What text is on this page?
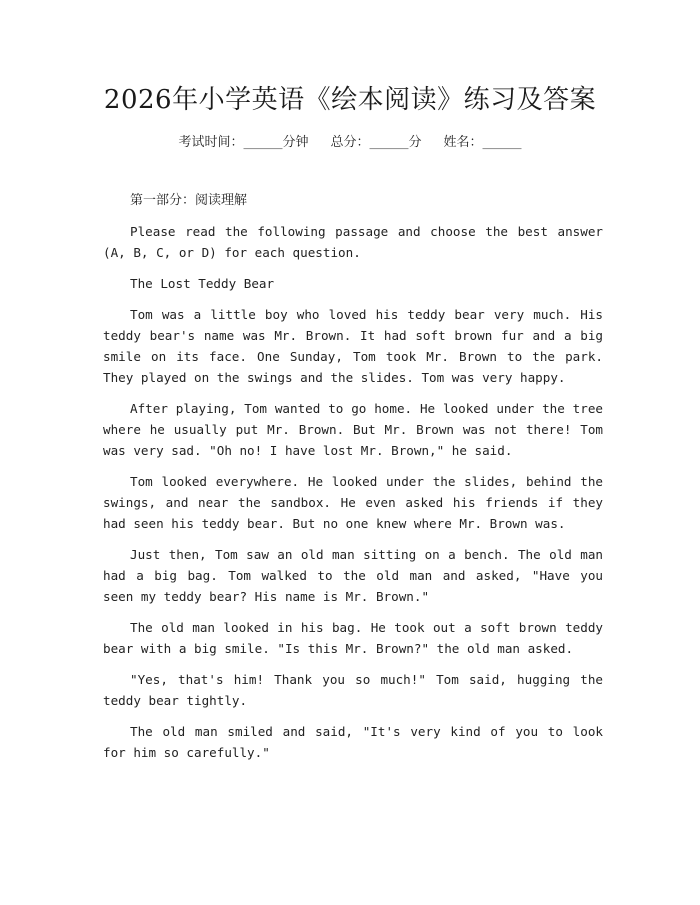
2026年小学英语《绘本阅读》练习及答案
考试时间：______分钟 总分：______分 姓名：______

第一部分：阅读理解

Please read the following passage and choose the best answer (A, B, C, or D) for each question.

The Lost Teddy Bear

Tom was a little boy who loved his teddy bear very much. His teddy bear's name was Mr. Brown. It had soft brown fur and a big smile on its face. One Sunday, Tom took Mr. Brown to the park. They played on the swings and the slides. Tom was very happy.

After playing, Tom wanted to go home. He looked under the tree where he usually put Mr. Brown. But Mr. Brown was not there! Tom was very sad. "Oh no! I have lost Mr. Brown," he said.

Tom looked everywhere. He looked under the slides, behind the swings, and near the sandbox. He even asked his friends if they had seen his teddy bear. But no one knew where Mr. Brown was.

Just then, Tom saw an old man sitting on a bench. The old man had a big bag. Tom walked to the old man and asked, "Have you seen my teddy bear? His name is Mr. Brown."

The old man looked in his bag. He took out a soft brown teddy bear with a big smile. "Is this Mr. Brown?" the old man asked.

"Yes, that's him! Thank you so much!" Tom said, hugging the teddy bear tightly.

The old man smiled and said, "It's very kind of you to look for him so carefully."
